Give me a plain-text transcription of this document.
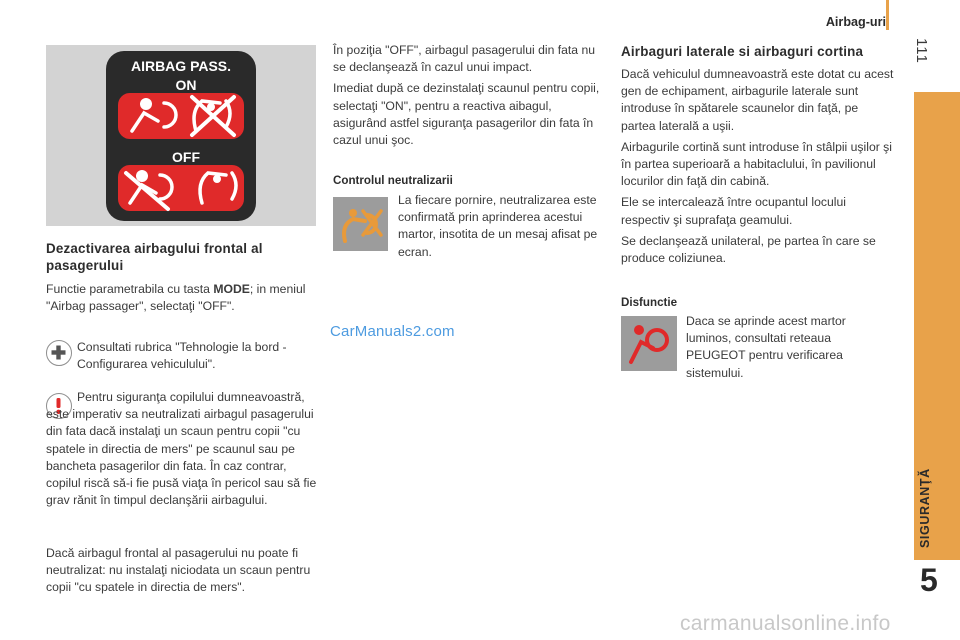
Airbag-uri
111
SIGURANŢĂ
5
AIRBAG PASS.
ON
OFF
Dezactivarea airbagului frontal al pasagerului
Functie parametrabila cu tasta MODE; in meniul "Airbag passager", selectaţi "OFF".
Consultati rubrica "Tehnologie la bord - Configurarea vehiculului".
Pentru siguranţa copilului dumneavoastră, este imperativ sa neutralizati airbagul pasagerului din fata dacă instalaţi un scaun pentru copii "cu spatele in directia de mers" pe scaunul sau pe bancheta pasagerilor din fata. În caz contrar, copilul riscă să-i fie pusă viaţa în pericol sau să fie grav rănit în timpul declanşării airbagului.
Dacă airbagul frontal al pasagerului nu poate fi neutralizat: nu instalaţi niciodata un scaun pentru copii "cu spatele in directia de mers".

În poziţia "OFF", airbagul pasagerului din fata nu se declanşează în cazul unui impact.

Imediat după ce dezinstalaţi scaunul pentru copii, selectaţi "ON", pentru a reactiva aibagul, asigurând astfel siguranţa pasagerilor din fata în cazul unui şoc.

Controlul neutralizarii
La fiecare pornire, neutralizarea este confirmată prin aprinderea acestui martor, insotita de un mesaj afisat pe ecran.
CarManuals2.com
Airbaguri laterale si airbaguri cortina

Dacă vehiculul dumneavoastră este dotat cu acest gen de echipament, airbagurile laterale sunt introduse în spătarele scaunelor din faţă, pe partea laterală a uşii.

Airbagurile cortină sunt introduse în stâlpii uşilor şi în partea superioară a habitaclului, în pavilionul locurilor din faţă din cabină.

Ele se intercalează între ocupantul locului respectiv şi suprafaţa geamului.

Se declanşează unilateral, pe partea în care se produce coliziunea.

Disfunctie
Daca se aprinde acest martor luminos, consultati reteaua PEUGEOT pentru verificarea sistemului.
carmanualsonline.info
